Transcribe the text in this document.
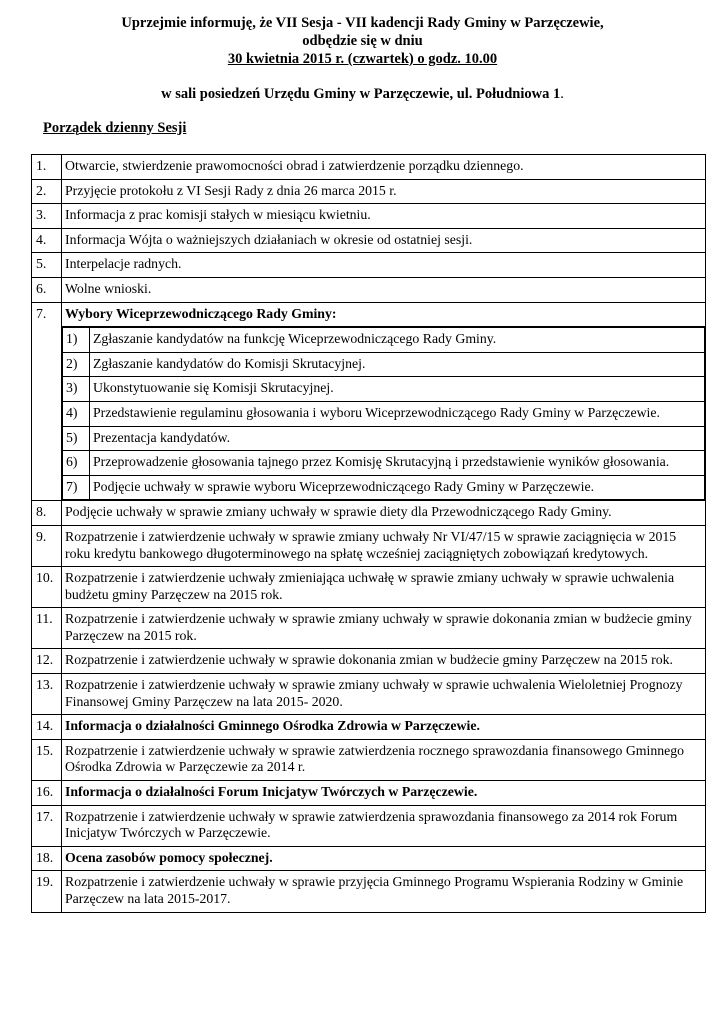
Uprzejmie informuję, że VII Sesja - VII kadencji Rady Gminy w Parzęczewie,
odbędzie się w dniu
30 kwietnia 2015 r. (czwartek) o godz. 10.00
w sali posiedzeń Urzędu Gminy w Parzęczewie, ul. Południowa 1.
Porządek dzienny Sesji
1.	Otwarcie, stwierdzenie prawomocności obrad i zatwierdzenie porządku dziennego.
2.	Przyjęcie protokołu z VI Sesji Rady z dnia 26 marca 2015 r.
3.	Informacja z prac komisji stałych w miesiącu kwietniu.
4.	Informacja Wójta o ważniejszych działaniach w okresie od ostatniej sesji.
5.	Interpelacje radnych.
6.	Wolne wnioski.
7.	Wybory Wiceprzewodniczącego Rady Gminy:

1)	Zgłaszanie kandydatów na funkcję Wiceprzewodniczącego Rady Gminy.
2)	Zgłaszanie kandydatów do Komisji Skrutacyjnej.
3)	Ukonstytuowanie się Komisji Skrutacyjnej.
4)	Przedstawienie regulaminu głosowania i wyboru Wiceprzewodniczącego Rady Gminy w Parzęczewie.
5)	Prezentacja kandydatów.
6)	Przeprowadzenie głosowania tajnego przez Komisję Skrutacyjną i przedstawienie wyników głosowania.
7)	Podjęcie uchwały w sprawie wyboru Wiceprzewodniczącego Rady Gminy w Parzęczewie.

8.	Podjęcie uchwały w sprawie zmiany uchwały w sprawie diety dla Przewodniczącego Rady Gminy.
9.	Rozpatrzenie i zatwierdzenie uchwały w sprawie zmiany uchwały Nr VI/47/15 w sprawie zaciągnięcia w 2015 roku kredytu bankowego długoterminowego na spłatę wcześniej zaciągniętych zobowiązań kredytowych.
10.	Rozpatrzenie i zatwierdzenie uchwały zmieniająca uchwałę w sprawie zmiany uchwały w sprawie uchwalenia budżetu gminy Parzęczew na 2015 rok.
11.	Rozpatrzenie i zatwierdzenie uchwały w sprawie zmiany uchwały w sprawie dokonania zmian w budżecie gminy Parzęczew na 2015 rok.
12.	Rozpatrzenie i zatwierdzenie uchwały w sprawie dokonania zmian w budżecie gminy Parzęczew na 2015 rok.
13.	Rozpatrzenie i zatwierdzenie uchwały w sprawie zmiany uchwały w sprawie uchwalenia Wieloletniej Prognozy Finansowej Gminy Parzęczew na lata 2015- 2020.
14.	Informacja o działalności Gminnego Ośrodka Zdrowia w Parzęczewie.
15.	Rozpatrzenie i zatwierdzenie uchwały w sprawie zatwierdzenia rocznego sprawozdania finansowego Gminnego Ośrodka Zdrowia w Parzęczewie za 2014 r.
16.	Informacja o działalności Forum Inicjatyw Twórczych w Parzęczewie.
17.	Rozpatrzenie i zatwierdzenie uchwały w sprawie zatwierdzenia sprawozdania finansowego za 2014 rok Forum Inicjatyw Twórczych w Parzęczewie.
18.	Ocena zasobów pomocy społecznej.
19.	Rozpatrzenie i zatwierdzenie uchwały w sprawie przyjęcia Gminnego Programu Wspierania Rodziny w Gminie Parzęczew na lata 2015-2017.
